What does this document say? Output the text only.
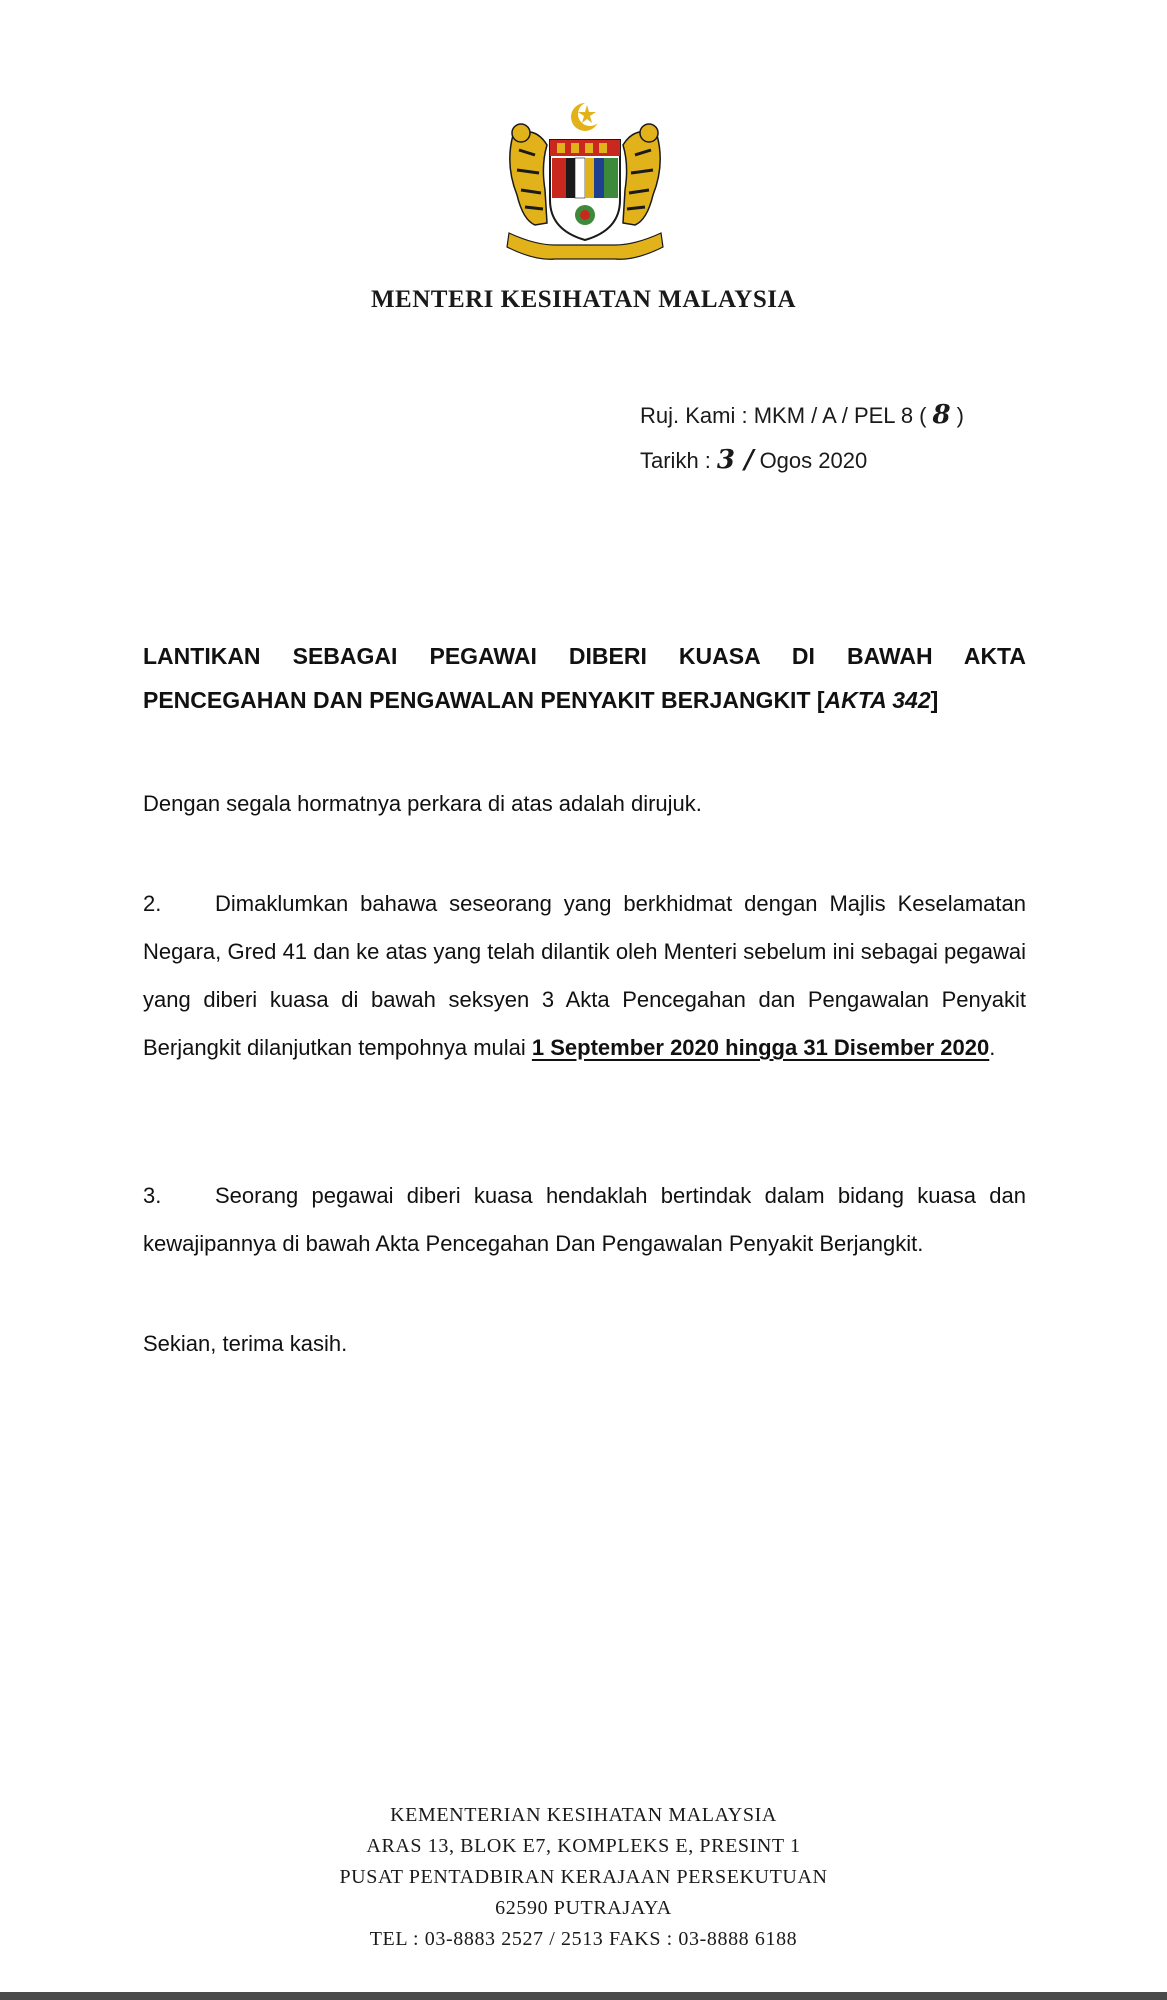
MENTERI KESIHATAN MALAYSIA
Ruj. Kami : MKM / A / PEL 8 ( 8 )
Tarikh : 3 / Ogos 2020
LANTIKAN SEBAGAI PEGAWAI DIBERI KUASA DI BAWAH AKTA
PENCEGAHAN DAN PENGAWALAN PENYAKIT BERJANGKIT [AKTA 342]
Dengan segala hormatnya perkara di atas adalah dirujuk.
2. Dimaklumkan bahawa seseorang yang berkhidmat dengan Majlis Keselamatan Negara, Gred 41 dan ke atas yang telah dilantik oleh Menteri sebelum ini sebagai pegawai yang diberi kuasa di bawah seksyen 3 Akta Pencegahan dan Pengawalan Penyakit Berjangkit dilanjutkan tempohnya mulai 1 September 2020 hingga 31 Disember 2020.
3. Seorang pegawai diberi kuasa hendaklah bertindak dalam bidang kuasa dan kewajipannya di bawah Akta Pencegahan Dan Pengawalan Penyakit Berjangkit.
Sekian, terima kasih.
KEMENTERIAN KESIHATAN MALAYSIA
ARAS 13, BLOK E7, KOMPLEKS E, PRESINT 1
PUSAT PENTADBIRAN KERAJAAN PERSEKUTUAN
62590 PUTRAJAYA
TEL : 03-8883 2527 / 2513 FAKS : 03-8888 6188
